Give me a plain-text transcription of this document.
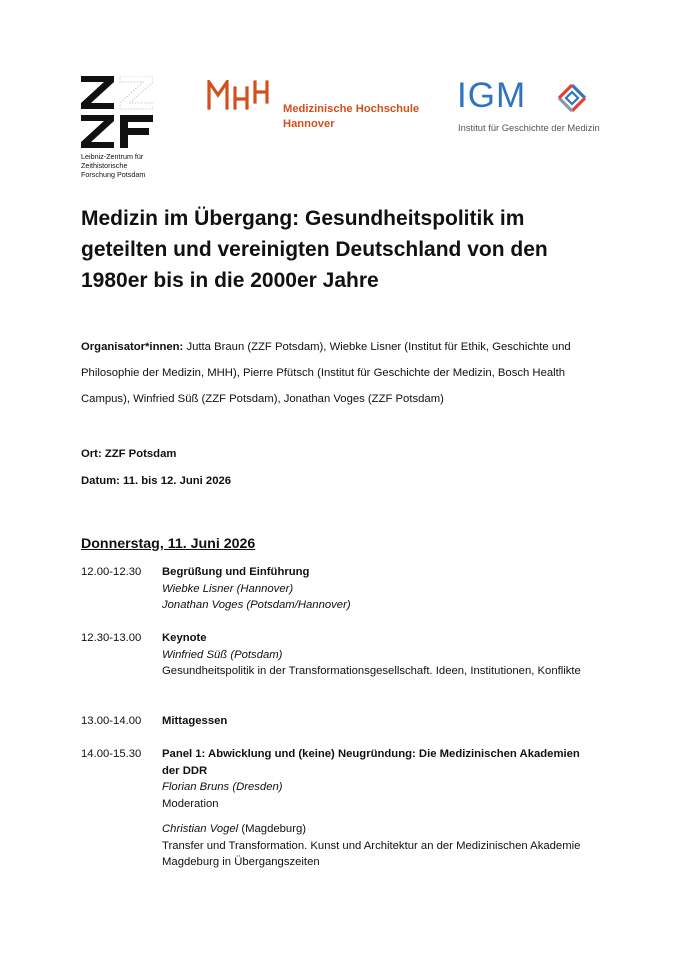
Leibniz-Zentrum für
Zeithistorische
Forschung Potsdam
Medizinische Hochschule
Hannover
IGM
Institut für Geschichte der Medizin
Medizin im Übergang: Gesundheitspolitik im geteilten und vereinigten Deutschland von den 1980er bis in die 2000er Jahre

Organisator*innen: Jutta Braun (ZZF Potsdam), Wiebke Lisner (Institut für Ethik, Geschichte und Philosophie der Medizin, MHH), Pierre Pfütsch (Institut für Geschichte der Medizin, Bosch Health Campus), Winfried Süß (ZZF Potsdam), Jonathan Voges (ZZF Potsdam)

Ort: ZZF Potsdam
Datum: 11. bis 12. Juni 2026
Donnerstag, 11. Juni 2026
12.00-12.30 Begrüßung und Einführung
Wiebke Lisner (Hannover)
Jonathan Voges (Potsdam/Hannover)
12.30-13.00 Keynote
Winfried Süß (Potsdam)
Gesundheitspolitik in der Transformationsgesellschaft. Ideen, Institutionen, Konflikte
13.00-14.00 Mittagessen
14.00-15.30 Panel 1: Abwicklung und (keine) Neugründung: Die Medizinischen Akademien der DDR
Florian Bruns (Dresden)
Moderation
Christian Vogel (Magdeburg)
Transfer und Transformation. Kunst und Architektur an der Medizinischen Akademie Magdeburg in Übergangszeiten
